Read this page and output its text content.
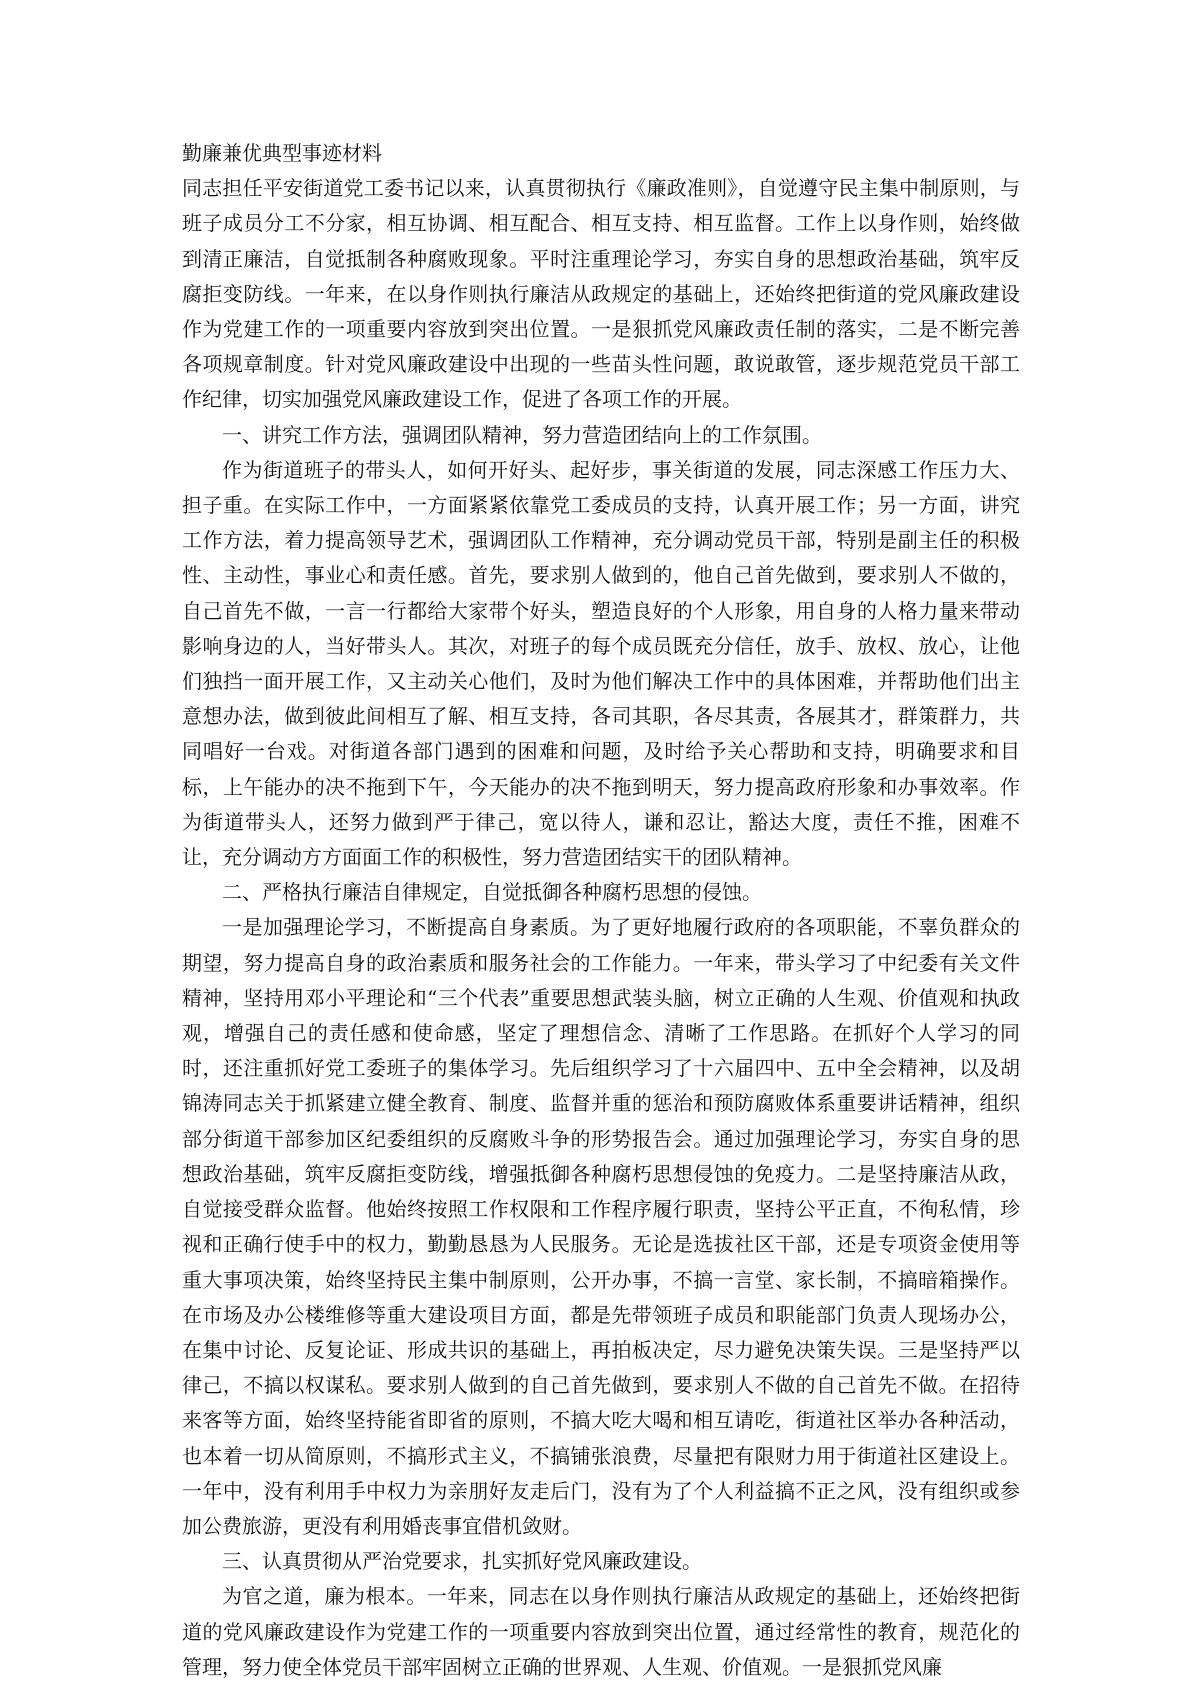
勤廉兼优典型事迹材料

同志担任平安街道党工委书记以来，认真贯彻执行《廉政准则》，自觉遵守民主集中制原则，与班子成员分工不分家，相互协调、相互配合、相互支持、相互监督。工作上以身作则，始终做到清正廉洁，自觉抵制各种腐败现象。平时注重理论学习，夯实自身的思想政治基础，筑牢反腐拒变防线。一年来，在以身作则执行廉洁从政规定的基础上，还始终把街道的党风廉政建设作为党建工作的一项重要内容放到突出位置。一是狠抓党风廉政责任制的落实，二是不断完善各项规章制度。针对党风廉政建设中出现的一些苗头性问题，敢说敢管，逐步规范党员干部工作纪律，切实加强党风廉政建设工作，促进了各项工作的开展。

一、讲究工作方法，强调团队精神，努力营造团结向上的工作氛围。

作为街道班子的带头人，如何开好头、起好步，事关街道的发展，同志深感工作压力大、担子重。在实际工作中，一方面紧紧依靠党工委成员的支持，认真开展工作；另一方面，讲究工作方法，着力提高领导艺术，强调团队工作精神，充分调动党员干部，特别是副主任的积极性、主动性，事业心和责任感。首先，要求别人做到的，他自己首先做到，要求别人不做的，自己首先不做，一言一行都给大家带个好头，塑造良好的个人形象，用自身的人格力量来带动影响身边的人，当好带头人。其次，对班子的每个成员既充分信任，放手、放权、放心，让他们独挡一面开展工作，又主动关心他们，及时为他们解决工作中的具体困难，并帮助他们出主意想办法，做到彼此间相互了解、相互支持，各司其职，各尽其责，各展其才，群策群力，共同唱好一台戏。对街道各部门遇到的困难和问题，及时给予关心帮助和支持，明确要求和目标，上午能办的决不拖到下午，今天能办的决不拖到明天，努力提高政府形象和办事效率。作为街道带头人，还努力做到严于律己，宽以待人，谦和忍让，豁达大度，责任不推，困难不让，充分调动方方面面工作的积极性，努力营造团结实干的团队精神。

二、严格执行廉洁自律规定，自觉抵御各种腐朽思想的侵蚀。

一是加强理论学习，不断提高自身素质。为了更好地履行政府的各项职能，不辜负群众的期望，努力提高自身的政治素质和服务社会的工作能力。一年来，带头学习了中纪委有关文件精神，坚持用邓小平理论和“三个代表”重要思想武装头脑，树立正确的人生观、价值观和执政观，增强自己的责任感和使命感，坚定了理想信念、清晰了工作思路。在抓好个人学习的同时，还注重抓好党工委班子的集体学习。先后组织学习了十六届四中、五中全会精神，以及胡锦涛同志关于抓紧建立健全教育、制度、监督并重的惩治和预防腐败体系重要讲话精神，组织部分街道干部参加区纪委组织的反腐败斗争的形势报告会。通过加强理论学习，夯实自身的思想政治基础，筑牢反腐拒变防线，增强抵御各种腐朽思想侵蚀的免疫力。二是坚持廉洁从政，自觉接受群众监督。他始终按照工作权限和工作程序履行职责，坚持公平正直，不徇私情，珍视和正确行使手中的权力，勤勤恳恳为人民服务。无论是选拔社区干部，还是专项资金使用等重大事项决策，始终坚持民主集中制原则，公开办事，不搞一言堂、家长制，不搞暗箱操作。在市场及办公楼维修等重大建设项目方面，都是先带领班子成员和职能部门负责人现场办公，在集中讨论、反复论证、形成共识的基础上，再拍板决定，尽力避免决策失误。三是坚持严以律己，不搞以权谋私。要求别人做到的自己首先做到，要求别人不做的自己首先不做。在招待来客等方面，始终坚持能省即省的原则，不搞大吃大喝和相互请吃，街道社区举办各种活动，也本着一切从简原则，不搞形式主义，不搞铺张浪费，尽量把有限财力用于街道社区建设上。一年中，没有利用手中权力为亲朋好友走后门，没有为了个人利益搞不正之风，没有组织或参加公费旅游，更没有利用婚丧事宜借机敛财。

三、认真贯彻从严治党要求，扎实抓好党风廉政建设。

为官之道，廉为根本。一年来，同志在以身作则执行廉洁从政规定的基础上，还始终把街道的党风廉政建设作为党建工作的一项重要内容放到突出位置，通过经常性的教育，规范化的管理，努力使全体党员干部牢固树立正确的世界观、人生观、价值观。一是狠抓党风廉
